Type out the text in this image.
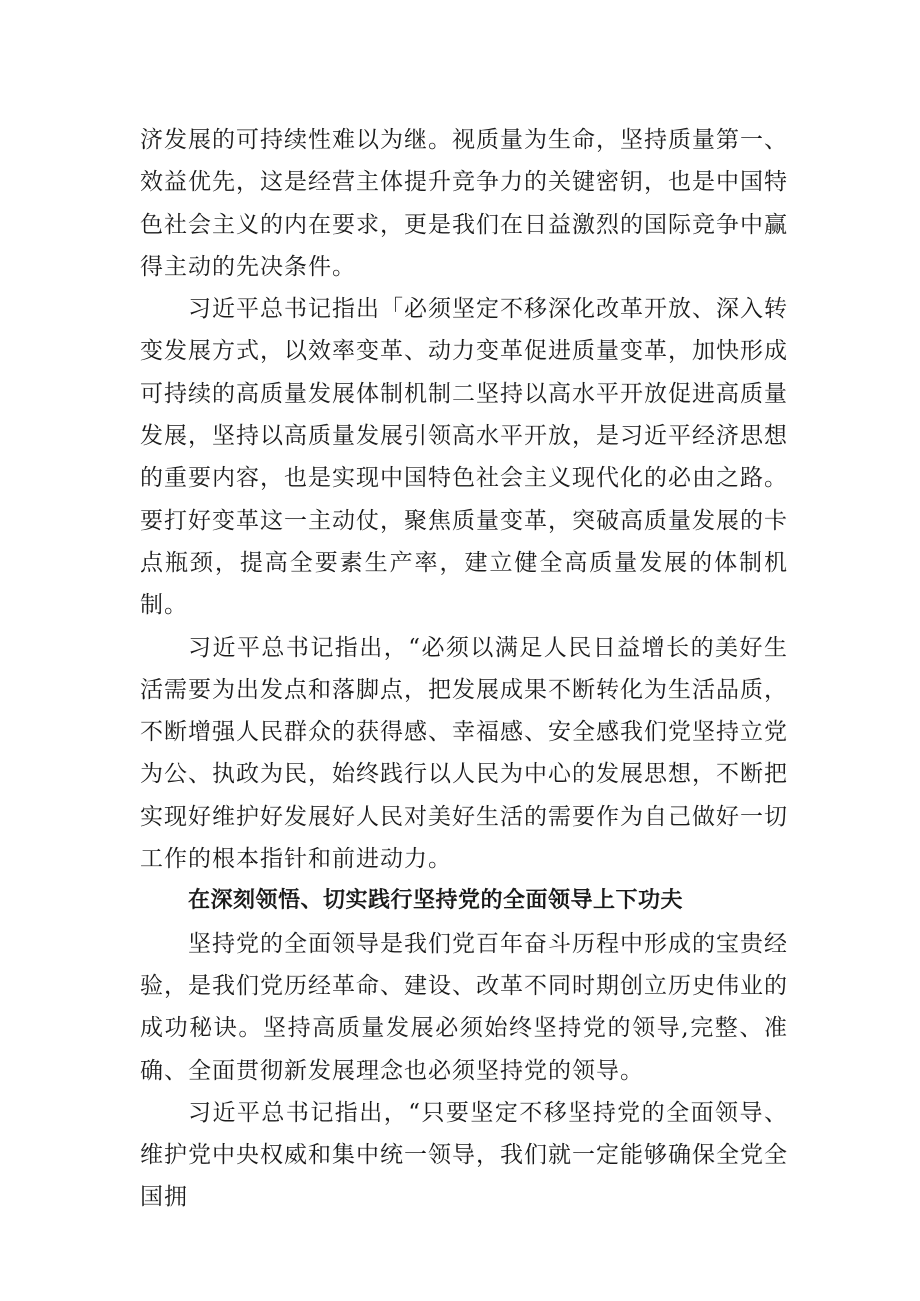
济发展的可持续性难以为继。视质量为生命，坚持质量第一、效益优先，这是经营主体提升竞争力的关键密钥，也是中国特色社会主义的内在要求，更是我们在日益激烈的国际竞争中赢得主动的先决条件。

习近平总书记指出「必须坚定不移深化改革开放、深入转变发展方式，以效率变革、动力变革促进质量变革，加快形成可持续的高质量发展体制机制二坚持以高水平开放促进高质量发展，坚持以高质量发展引领高水平开放，是习近平经济思想的重要内容，也是实现中国特色社会主义现代化的必由之路。要打好变革这一主动仗，聚焦质量变革，突破高质量发展的卡点瓶颈，提高全要素生产率，建立健全高质量发展的体制机制。

习近平总书记指出，“必须以满足人民日益增长的美好生活需要为出发点和落脚点，把发展成果不断转化为生活品质，不断增强人民群众的获得感、幸福感、安全感我们党坚持立党为公、执政为民，始终践行以人民为中心的发展思想，不断把实现好维护好发展好人民对美好生活的需要作为自己做好一切工作的根本指针和前进动力。

在深刻领悟、切实践行坚持党的全面领导上下功夫

坚持党的全面领导是我们党百年奋斗历程中形成的宝贵经验，是我们党历经革命、建设、改革不同时期创立历史伟业的成功秘诀。坚持高质量发展必须始终坚持党的领导,完整、准确、全面贯彻新发展理念也必须坚持党的领导。

习近平总书记指出，“只要坚定不移坚持党的全面领导、维护党中央权威和集中统一领导，我们就一定能够确保全党全国拥
